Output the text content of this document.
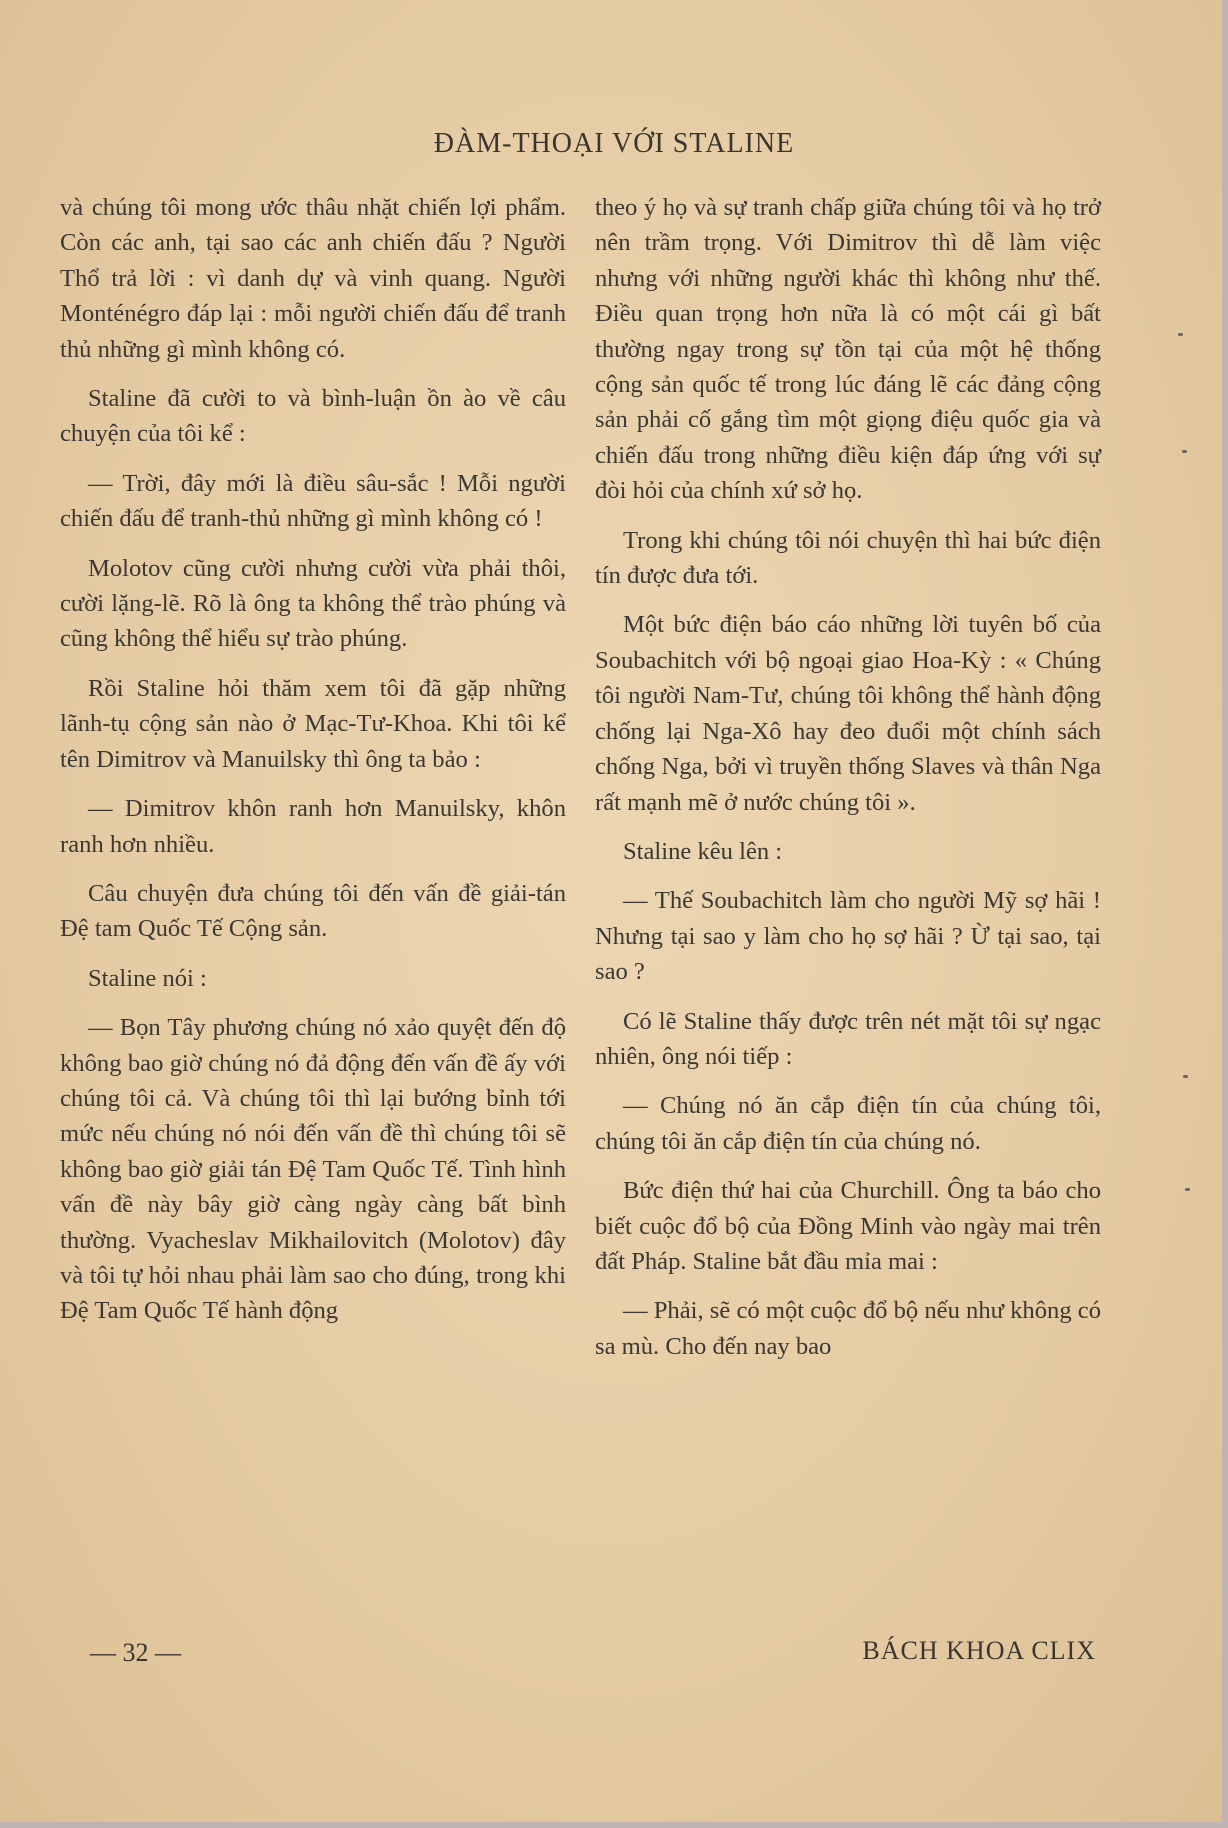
ĐÀM-THOẠI VỚI STALINE

và chúng tôi mong ước thâu nhặt chiến lợi phẩm. Còn các anh, tại sao các anh chiến đấu ? Người Thổ trả lời : vì danh dự và vinh quang. Người Monténégro đáp lại : mỗi người chiến đấu để tranh thủ những gì mình không có.

Staline đã cười to và bình-luận ồn ào về câu chuyện của tôi kể :

— Trời, đây mới là điều sâu-sắc ! Mỗi người chiến đấu để tranh-thủ những gì mình không có !

Molotov cũng cười nhưng cười vừa phải thôi, cười lặng-lẽ. Rõ là ông ta không thể trào phúng và cũng không thể hiểu sự trào phúng.

Rồi Staline hỏi thăm xem tôi đã gặp những lãnh-tụ cộng sản nào ở Mạc-Tư-Khoa. Khi tôi kể tên Dimitrov và Manuilsky thì ông ta bảo :

— Dimitrov khôn ranh hơn Manuilsky, khôn ranh hơn nhiều.

Câu chuyện đưa chúng tôi đến vấn đề giải-tán Đệ tam Quốc Tế Cộng sản.

Staline nói :

— Bọn Tây phương chúng nó xảo quyệt đến độ không bao giờ chúng nó đả động đến vấn đề ấy với chúng tôi cả. Và chúng tôi thì lại bướng bỉnh tới mức nếu chúng nó nói đến vấn đề thì chúng tôi sẽ không bao giờ giải tán Đệ Tam Quốc Tế. Tình hình vấn đề này bây giờ càng ngày càng bất bình thường. Vyacheslav Mikhailovitch (Molotov) đây và tôi tự hỏi nhau phải làm sao cho đúng, trong khi Đệ Tam Quốc Tế hành động

theo ý họ và sự tranh chấp giữa chúng tôi và họ trở nên trầm trọng. Với Dimitrov thì dễ làm việc nhưng với những người khác thì không như thế. Điều quan trọng hơn nữa là có một cái gì bất thường ngay trong sự tồn tại của một hệ thống cộng sản quốc tế trong lúc đáng lẽ các đảng cộng sản phải cố gắng tìm một giọng điệu quốc gia và chiến đấu trong những điều kiện đáp ứng với sự đòi hỏi của chính xứ sở họ.

Trong khi chúng tôi nói chuyện thì hai bức điện tín được đưa tới.

Một bức điện báo cáo những lời tuyên bố của Soubachitch với bộ ngoại giao Hoa-Kỳ : « Chúng tôi người Nam-Tư, chúng tôi không thể hành động chống lại Nga-Xô hay đeo đuổi một chính sách chống Nga, bởi vì truyền thống Slaves và thân Nga rất mạnh mẽ ở nước chúng tôi ».

Staline kêu lên :

— Thế Soubachitch làm cho người Mỹ sợ hãi ! Nhưng tại sao y làm cho họ sợ hãi ? Ừ tại sao, tại sao ?

Có lẽ Staline thấy được trên nét mặt tôi sự ngạc nhiên, ông nói tiếp :

— Chúng nó ăn cắp điện tín của chúng tôi, chúng tôi ăn cắp điện tín của chúng nó.

Bức điện thứ hai của Churchill. Ông ta báo cho biết cuộc đổ bộ của Đồng Minh vào ngày mai trên đất Pháp. Staline bắt đầu mỉa mai :

— Phải, sẽ có một cuộc đổ bộ nếu như không có sa mù. Cho đến nay bao

— 32 —	BÁCH KHOA CLIX
